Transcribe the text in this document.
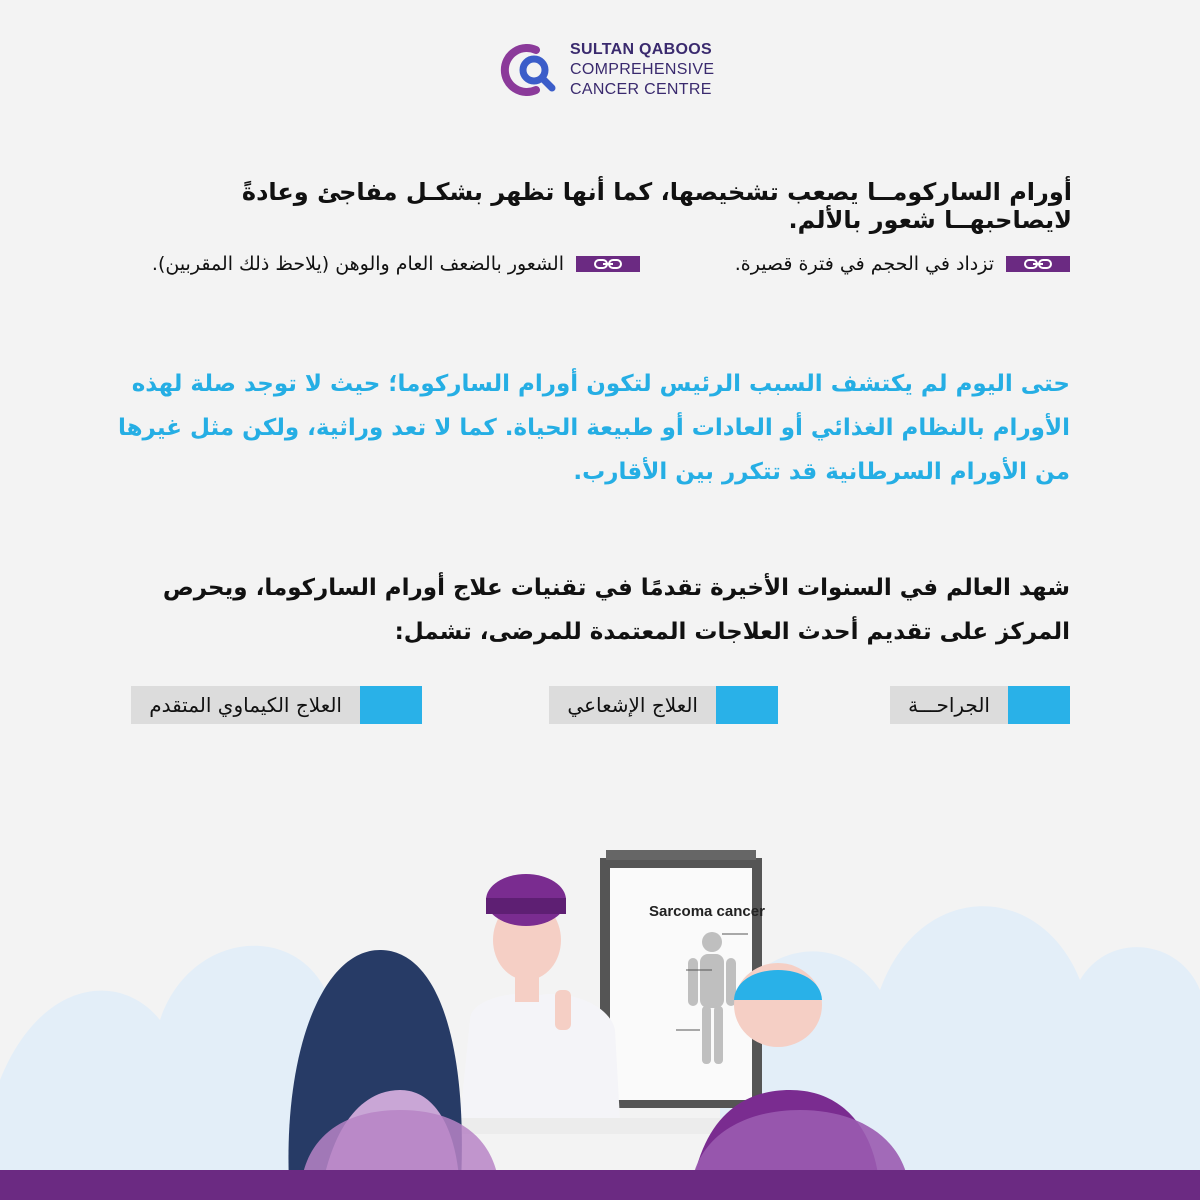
SULTAN QABOOS
COMPREHENSIVE
CANCER CENTRE
أورام الساركومــا يصعب تشخيصها، كما أنها تظهر بشكـل مفاجئ وعادةً لايصاحبهــا شعور بالألم.
تزداد في الحجم في فترة قصيرة.
الشعور بالضعف العام والوهن (يلاحظ ذلك المقربين).
حتى اليوم لم يكتشف السبب الرئيس لتكون أورام الساركوما؛ حيث لا توجد صلة لهذه الأورام بالنظام الغذائي أو العادات أو طبيعة الحياة. كما لا تعد وراثية، ولكن مثل غيرها من الأورام السرطانية قد تتكرر بين الأقارب.
شهد العالم في السنوات الأخيرة تقدمًا في تقنيات علاج أورام الساركوما، ويحرص المركز على تقديم أحدث العلاجات المعتمدة للمرضى، تشمل:
الجراحـــة
العلاج الإشعاعي
العلاج الكيماوي المتقدم
Sarcoma cancer
